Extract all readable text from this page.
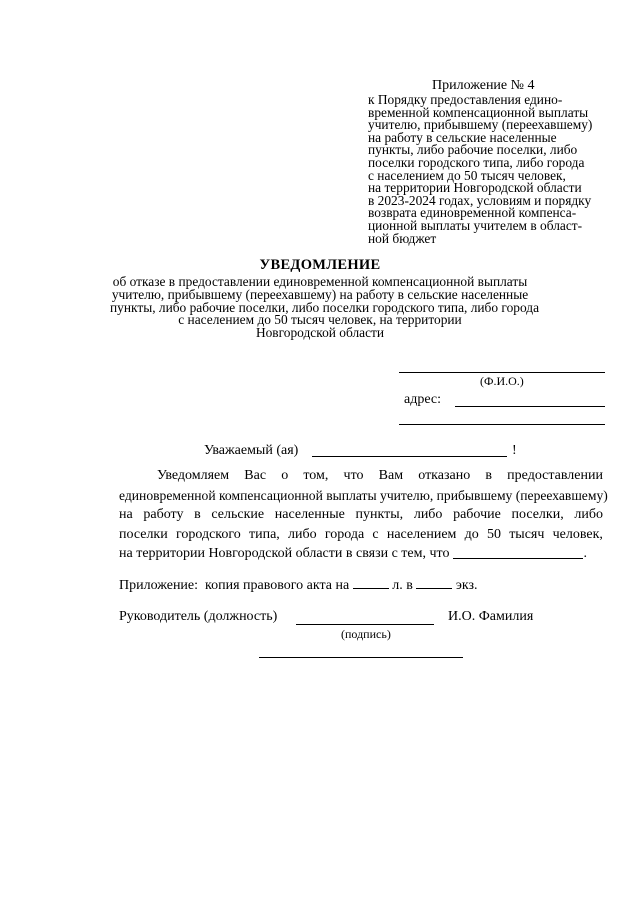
Приложение № 4
к Порядку предоставления едино-
временной компенсационной выплаты
учителю, прибывшему (переехавшему)
на работу в сельские населенные
пункты, либо рабочие поселки, либо
поселки городского типа, либо города
с населением до 50 тысяч человек,
на территории Новгородской области
в 2023-2024 годах, условиям и порядку
возврата единовременной компенса-
ционной выплаты учителем в област-
ной бюджет
УВЕДОМЛЕНИЕ
об отказе в предоставлении единовременной компенсационной выплаты
учителю, прибывшему (переехавшему) на работу в сельские населенные
пункты, либо рабочие поселки, либо поселки городского типа, либо города
с населением до 50 тысяч человек, на территории
Новгородской области
(Ф.И.О.)
адрес:
Уважаемый (ая)	!
Уведомляем Вас о том, что Вам отказано в предоставлении
единовременной компенсационной выплаты учителю, прибывшему (переехавшему)
на работу в сельские населенные пункты, либо рабочие поселки, либо
поселки городского типа, либо города с населением до 50 тысяч человек,
на территории Новгородской области в связи с тем, что	.
Приложение: копия правового акта на	л. в	экз.
Руководитель (должность)
(подпись)
И.О. Фамилия
